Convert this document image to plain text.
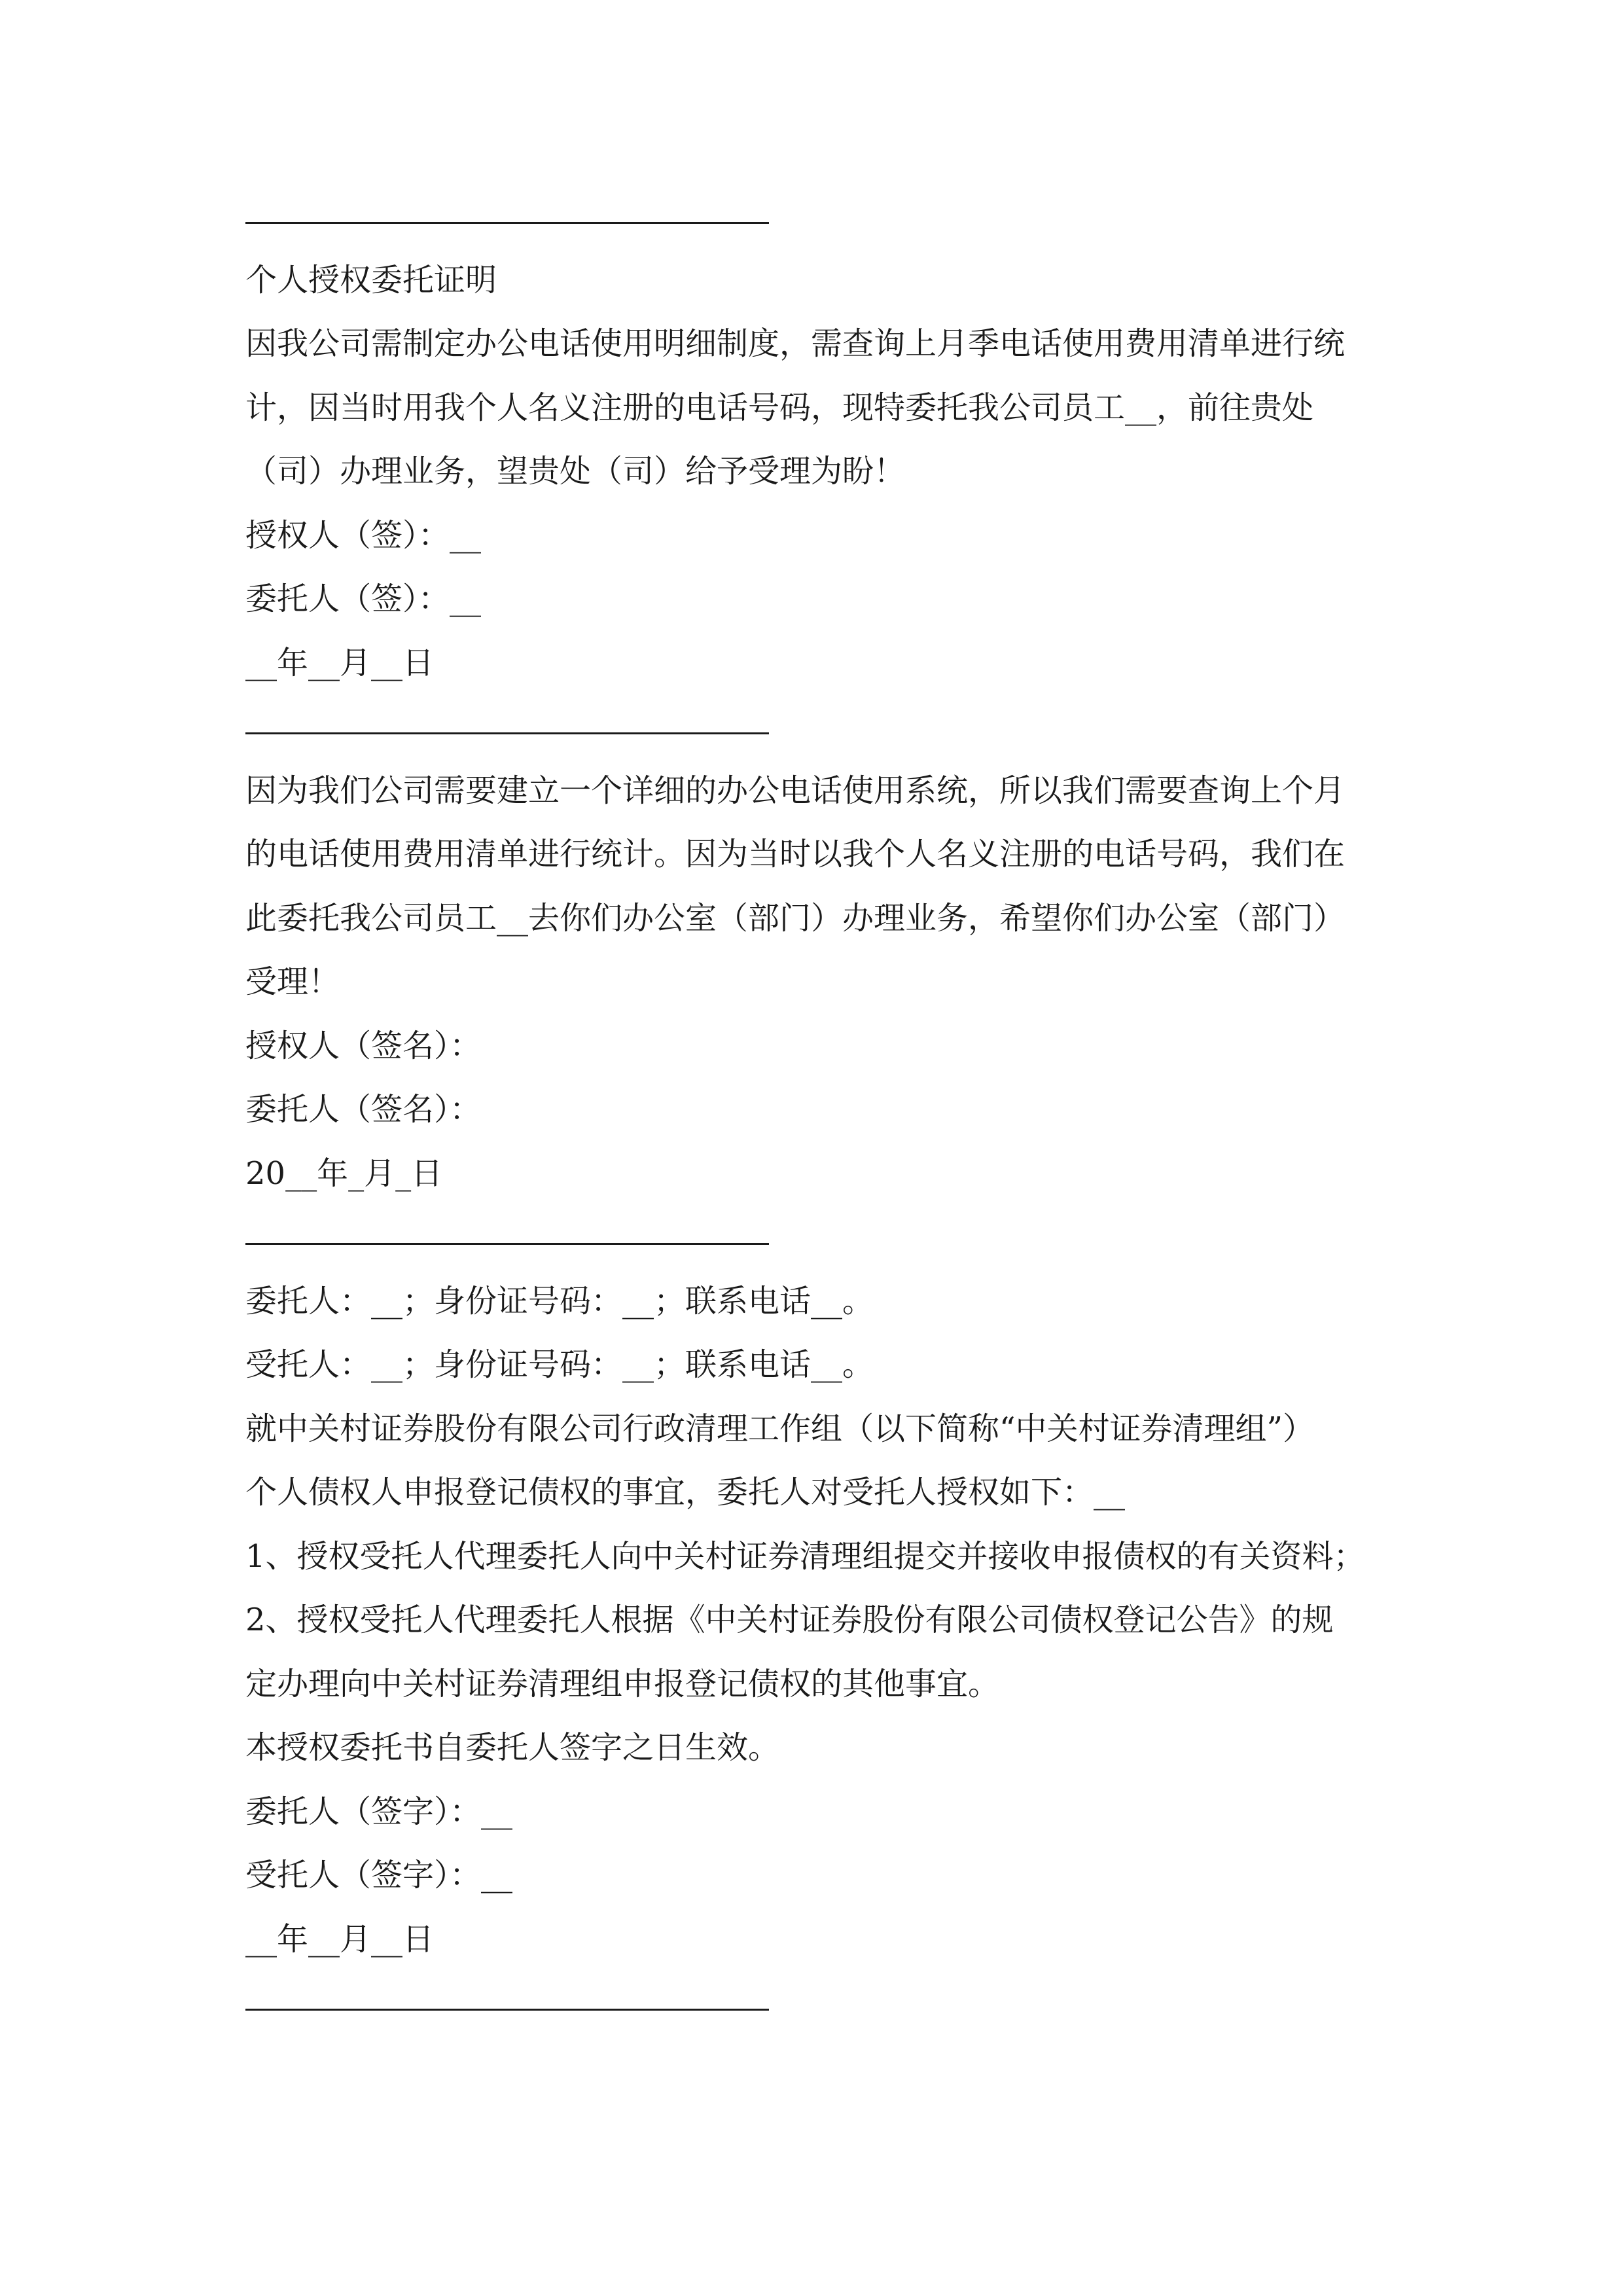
个人授权委托证明
因我公司需制定办公电话使用明细制度，需查询上月季电话使用费用清单进行统
计，因当时用我个人名义注册的电话号码，现特委托我公司员工__，前往贵处
（司）办理业务，望贵处（司）给予受理为盼！
授权人（签）：__
委托人（签）：__
__年__月__日
因为我们公司需要建立一个详细的办公电话使用系统，所以我们需要查询上个月
的电话使用费用清单进行统计。因为当时以我个人名义注册的电话号码，我们在
此委托我公司员工__去你们办公室（部门）办理业务，希望你们办公室（部门）
受理！
授权人（签名）：
委托人（签名）：
20__年_月_日
委托人：__；身份证号码：__；联系电话__。
受托人：__；身份证号码：__；联系电话__。
就中关村证券股份有限公司行政清理工作组（以下简称“中关村证券清理组”）
个人债权人申报登记债权的事宜，委托人对受托人授权如下：__
1、授权受托人代理委托人向中关村证券清理组提交并接收申报债权的有关资料；
2、授权受托人代理委托人根据《中关村证券股份有限公司债权登记公告》的规
定办理向中关村证券清理组申报登记债权的其他事宜。
本授权委托书自委托人签字之日生效。
委托人（签字）：__
受托人（签字）：__
__年__月__日
